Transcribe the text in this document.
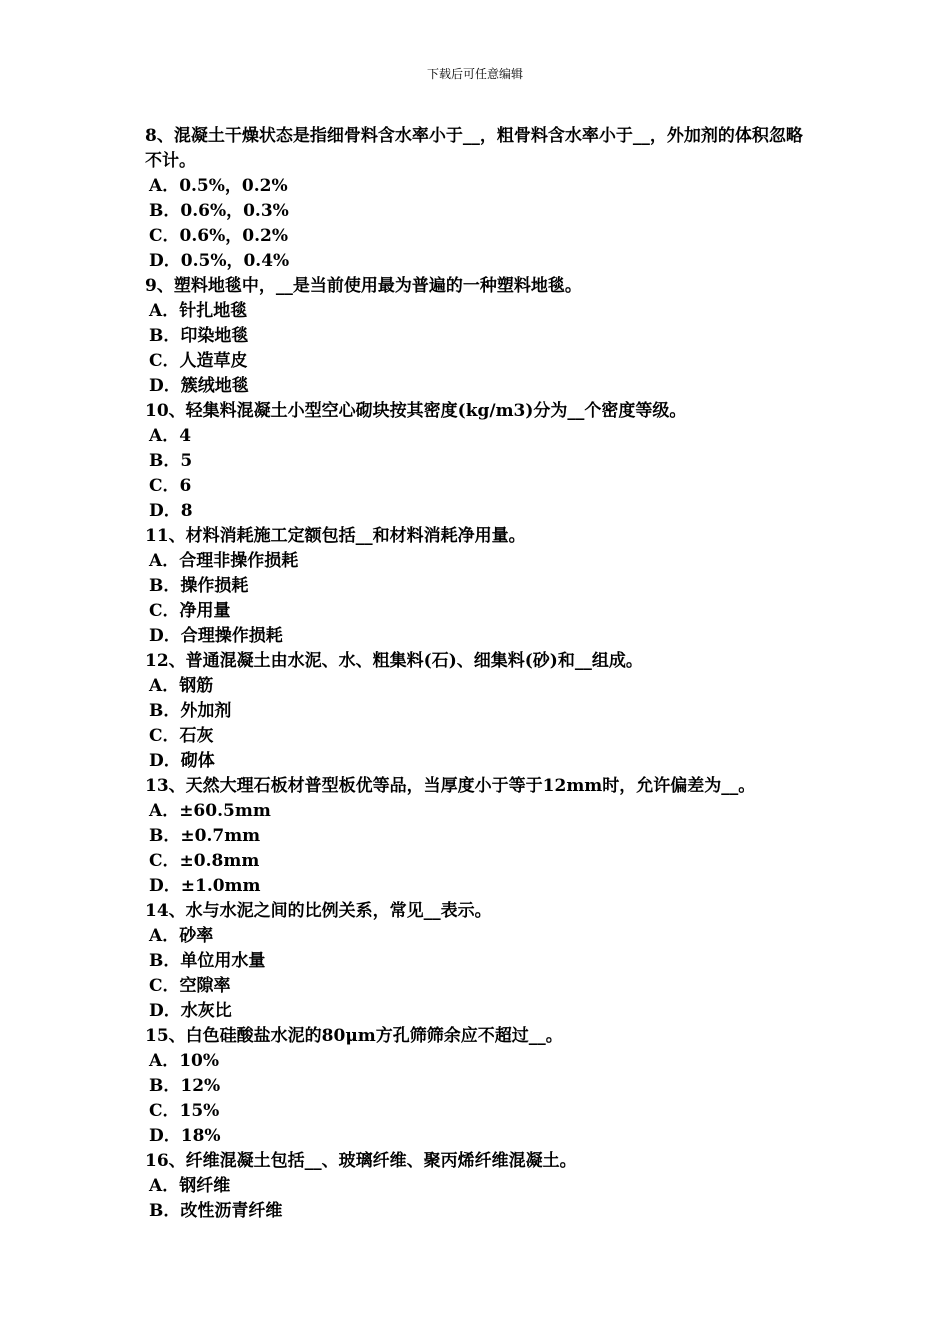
下载后可任意编辑

8、混凝土干燥状态是指细骨料含水率小于__，粗骨料含水率小于__，外加剂的体积忽略不计。

A．0.5%，0.2%

B．0.6%，0.3%

C．0.6%，0.2%

D．0.5%，0.4%

9、塑料地毯中，__是当前使用最为普遍的一种塑料地毯。

A．针扎地毯

B．印染地毯

C．人造草皮

D．簇绒地毯

10、轻集料混凝土小型空心砌块按其密度(kg/m3)分为__个密度等级。

A．4

B．5

C．6

D．8

11、材料消耗施工定额包括__和材料消耗净用量。

A．合理非操作损耗

B．操作损耗

C．净用量

D．合理操作损耗

12、普通混凝土由水泥、水、粗集料(石)、细集料(砂)和__组成。

A．钢筋

B．外加剂

C．石灰

D．砌体

13、天然大理石板材普型板优等品，当厚度小于等于12mm时，允许偏差为__。

A．±60.5mm

B．±0.7mm

C．±0.8mm

D．±1.0mm

14、水与水泥之间的比例关系，常见__表示。

A．砂率

B．单位用水量

C．空隙率

D．水灰比

15、白色硅酸盐水泥的80μm方孔筛筛余应不超过__。

A．10%

B．12%

C．15%

D．18%

16、纤维混凝土包括__、玻璃纤维、聚丙烯纤维混凝土。

A．钢纤维

B．改性沥青纤维
